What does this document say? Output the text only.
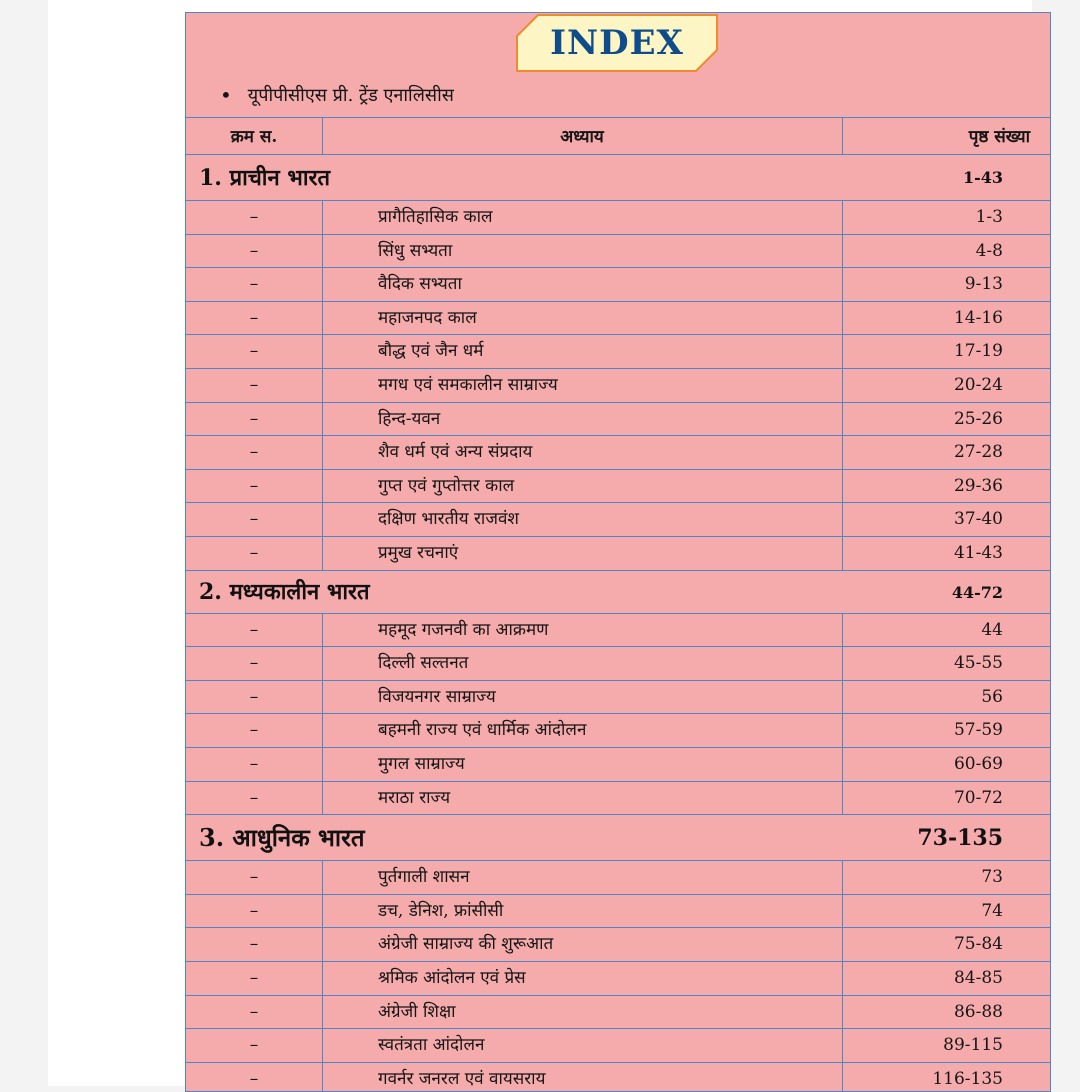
INDEX
• यूपीपीसीएस प्री. ट्रेंड एनालिसीस
क्रम स.	अध्याय	पृष्ठ संख्या
1. प्राचीन भारत	1-43
–	प्रागैतिहासिक काल	1-3
–	सिंधु सभ्यता	4-8
–	वैदिक सभ्यता	9-13
–	महाजनपद काल	14-16
–	बौद्ध एवं जैन धर्म	17-19
–	मगध एवं समकालीन साम्राज्य	20-24
–	हिन्द-यवन	25-26
–	शैव धर्म एवं अन्य संप्रदाय	27-28
–	गुप्त एवं गुप्तोत्तर काल	29-36
–	दक्षिण भारतीय राजवंश	37-40
–	प्रमुख रचनाएं	41-43
2. मध्यकालीन भारत	44-72
–	महमूद गजनवी का आक्रमण	44
–	दिल्ली सल्तनत	45-55
–	विजयनगर साम्राज्य	56
–	बहमनी राज्य एवं धार्मिक आंदोलन	57-59
–	मुगल साम्राज्य	60-69
–	मराठा राज्य	70-72
3. आधुनिक भारत	73-135
–	पुर्तगाली शासन	73
–	डच, डेनिश, फ्रांसीसी	74
–	अंग्रेजी साम्राज्य की शुरूआत	75-84
–	श्रमिक आंदोलन एवं प्रेस	84-85
–	अंग्रेजी शिक्षा	86-88
–	स्वतंत्रता आंदोलन	89-115
–	गवर्नर जनरल एवं वायसराय	116-135
